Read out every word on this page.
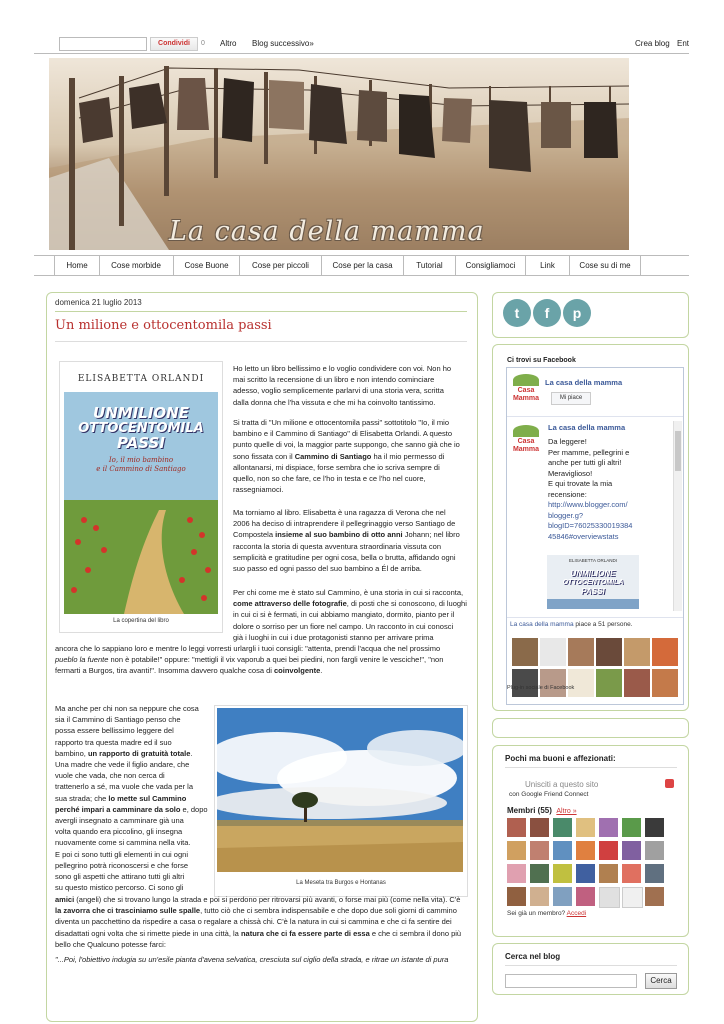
Condividi	0 Altro Blog successivo»	Crea blog Ent
La casa della mamma
Home	Cose morbide	Cose Buone	Cose per piccoli	Cose per la casa	Tutorial	Consigliamoci	Link	Cose su di me
domenica 21 luglio 2013
Un milione e ottocentomila passi
ELISABETTA ORLANDI
UNMILIONE
OTTOCENTOMILA
PASSI
Io, il mio bambino
e il Cammino di Santiago
La copertina del libro
Ho letto un libro bellissimo e lo voglio condividere con voi. Non ho
mai scritto la recensione di un libro e non intendo cominciare
adesso, voglio semplicemente parlarvi di una storia vera, scritta
dalla donna che l'ha vissuta e che mi ha coinvolto tantissimo.
Si tratta di "Un milione e ottocentomila passi" sottotitolo "Io, il mio
bambino e il Cammino di Santiago" di Elisabetta Orlandi. A questo
punto quelle di voi, la maggior parte suppongo, che sanno già che io
sono fissata con il Cammino di Santiago ha il mio permesso di
allontanarsi, mi dispiace, forse sembra che io scriva sempre di
quello, non so che fare, ce l'ho in testa e ce l'ho nel cuore,
rassegniamoci.
Ma torniamo al libro. Elisabetta è una ragazza di Verona che nel
2006 ha deciso di intraprendere il pellegrinaggio verso Santiago de
Compostela insieme al suo bambino di otto anni Johann; nel libro
racconta la storia di questa avventura straordinaria vissuta con
semplicità e gratitudine per ogni cosa, bella o brutta, affidando ogni
suo passo ed ogni passo del suo bambino a Él de arriba.
Per chi come me è stato sul Cammino, è una storia in cui si racconta,
come attraverso delle fotografie, di posti che si conoscono, di luoghi
in cui ci si è fermati, in cui abbiamo mangiato, dormito, pianto per il
dolore o sorriso per un fiore nel campo. Un racconto in cui conosci
già i luoghi in cui i due protagonisti stanno per arrivare prima
ancora che lo sappiano loro e mentre lo leggi vorresti urlargli i tuoi consigli: "attenta, prendi l'acqua che nel prossimo
pueblo la fuente non è potabile!" oppure: "mettigli il vix vaporub a quei bei piedini, non fargli venire le vesciche!", "non
fermarti a Burgos, tira avanti!". Insomma davvero qualche cosa di coinvolgente.
La Meseta tra Burgos e Hontanas
Ma anche per chi non sa neppure che cosa
sia il Cammino di Santiago penso che
possa essere bellissimo leggere del
rapporto tra questa madre ed il suo
bambino, un rapporto di gratuità totale.
Una madre che vede il figlio andare, che
vuole che vada, che non cerca di
trattenerlo a sé, ma vuole che vada per la
sua strada; che lo mette sul Cammino
perché impari a camminare da solo e, dopo
avergli insegnato a camminare già una
volta quando era piccolino, gli insegna
nuovamente come si cammina nella vita.
E poi ci sono tutti gli elementi in cui ogni
pellegrino potrà riconoscersi e che forse
sono gli aspetti che attirano tutti gli altri
su questo mistico percorso. Ci sono gli
amici (angeli) che si trovano lungo la strada e poi si perdono per ritrovarsi più avanti, o forse mai più (come nella vita). C'è
la zavorra che ci trasciniamo sulle spalle, tutto ciò che ci sembra indispensabile e che dopo due soli giorni di cammino
diventa un pacchettino da rispedire a casa o regalare a chissà chi. C'è la natura in cui si cammina e che ci fa sentire dei
disadattati ogni volta che si rimette piede in una città, la natura che ci fa essere parte di essa e che ci sembra il dono più
bello che Qualcuno potesse farci:
"...Poi, l'obiettivo indugia su un'esile pianta d'avena selvatica, cresciuta sul ciglio della strada, e ritrae un istante di pura
t	f	p
Ci trovi su Facebook
Casa
Mamma
La casa della mamma
Mi piace
Casa
Mamma
La casa della mamma
Da leggere!
Per mamme, pellegrini e
anche per tutti gli altri!
Meraviglioso!
E qui trovate la mia
recensione:
http://www.blogger.com/
blogger.g?
blogID=76025330019384
45846#overviewstats
ELISABETTA ORLANDI
UNMILIONE
OTTOCENTOMILA
PASSI
La casa della mamma piace a 51 persone.
Plug-in sociale di Facebook
Pochi ma buoni e affezionati:
Unisciti a questo sito
con Google Friend Connect
Membri (55) Altro »
Sei già un membro? Accedi
Cerca nel blog
Cerca
